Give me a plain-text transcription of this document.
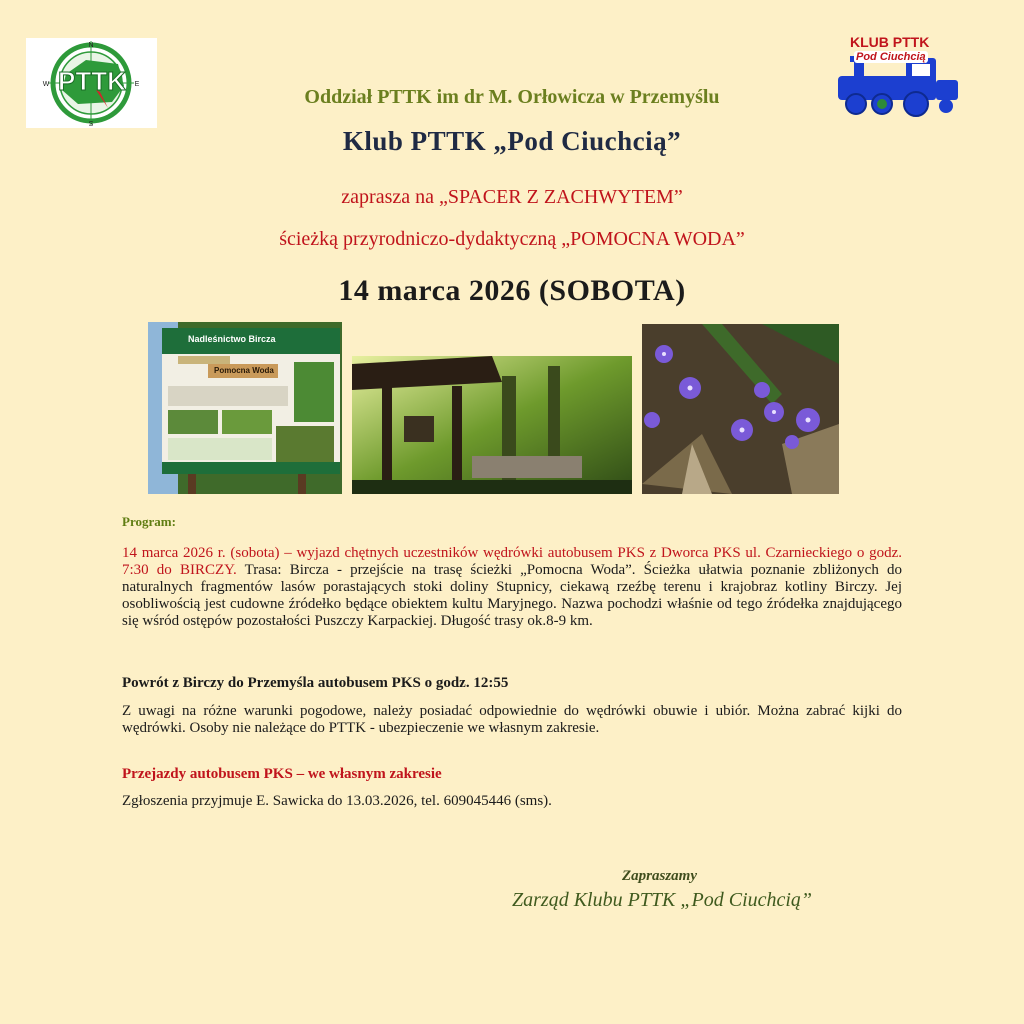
N
S
W	E
PTTK
KLUB PTTK
Pod Ciuchcią
Oddział PTTK im dr M. Orłowicza w Przemyślu
Klub PTTK „Pod Ciuchcią”
zaprasza na „SPACER Z ZACHWYTEM”
ścieżką przyrodniczo-dydaktyczną „POMOCNA WODA”
14 marca 2026 (SOBOTA)
Nadleśnictwo Bircza
Pomocna Woda
Program:
14 marca 2026 r. (sobota) – wyjazd chętnych uczestników wędrówki autobusem PKS z Dworca PKS ul. Czarnieckiego o godz. 7:30 do BIRCZY. Trasa: Bircza - przejście na trasę ścieżki „Pomocna Woda”. Ścieżka ułatwia poznanie zbliżonych do naturalnych fragmentów lasów porastających stoki doliny Stupnicy, ciekawą rzeźbę terenu i krajobraz kotliny Birczy. Jej osobliwością jest cudowne źródełko będące obiektem kultu Maryjnego. Nazwa pochodzi właśnie od tego źródełka znajdującego się wśród ostępów pozostałości Puszczy Karpackiej. Długość trasy ok.8-9 km.
Powrót z Birczy do Przemyśla autobusem PKS o godz. 12:55
Z uwagi na różne warunki pogodowe, należy posiadać odpowiednie do wędrówki obuwie i ubiór. Można zabrać kijki do wędrówki. Osoby nie należące do PTTK - ubezpieczenie we własnym zakresie.
Przejazdy autobusem PKS – we własnym zakresie
Zgłoszenia przyjmuje E. Sawicka do 13.03.2026, tel. 609045446 (sms).
Zapraszamy
Zarząd Klubu PTTK „Pod Ciuchcią”
